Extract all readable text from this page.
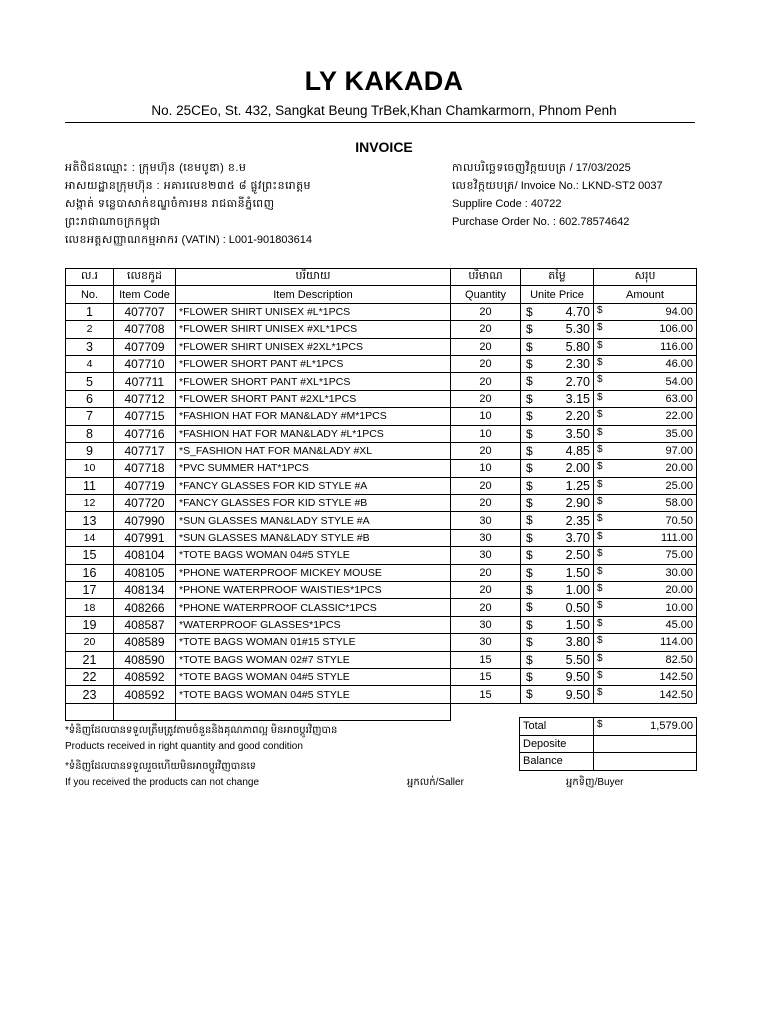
LY KAKADA
No. 25CEo, St. 432, Sangkat Beung TrBek,Khan Chamkarmorn, Phnom Penh
INVOICE
អតិថិជនឈ្មោះ : ក្រុមហ៊ុន (ខេមបូឌា) ខ.ម
អាសយដ្ឋានក្រុមហ៊ុន : អគារលេខ២៣៥ ៨ ផ្លូវព្រះនរោត្តម
សង្កាត់ ទន្លេបាសាក់ខណ្ឌចំការមន រាជធានីភ្នំពេញ
ព្រះរាជាណាចក្រកម្ពុជា
លេខអត្តសញ្ញាណកម្មអាករ (VATIN) : L001-901803614
កាលបរិច្ឆេទចេញវិក្កយបត្រ / 17/03/2025
លេខវិក្កយបត្រ/ Invoice No.: LKND-ST2 0037
Supplire Code : 40722
Purchase Order No. : 602.78574642
ល.រ	លេខកូដ	បរិយាយ	បរិមាណ	តម្លៃ	សរុប
No.	Item Code	Item Description	Quantity	Unite Price	Amount
1	407707	*FLOWER SHIRT UNISEX #L*1PCS	20	$ 4.70	$ 94.00

2	407708	*FLOWER SHIRT UNISEX #XL*1PCS	20	$ 5.30	$ 106.00

3	407709	*FLOWER SHIRT UNISEX #2XL*1PCS	20	$ 5.80	$ 116.00

4	407710	*FLOWER SHORT PANT #L*1PCS	20	$ 2.30	$ 46.00

5	407711	*FLOWER SHORT PANT #XL*1PCS	20	$ 2.70	$ 54.00

6	407712	*FLOWER SHORT PANT #2XL*1PCS	20	$ 3.15	$ 63.00

7	407715	*FASHION HAT FOR MAN&LADY #M*1PCS	10	$ 2.20	$ 22.00

8	407716	*FASHION HAT FOR MAN&LADY #L*1PCS	10	$ 3.50	$ 35.00

9	407717	*S_FASHION HAT FOR MAN&LADY #XL	20	$ 4.85	$ 97.00

10	407718	*PVC SUMMER HAT*1PCS	10	$ 2.00	$ 20.00

11	407719	*FANCY GLASSES FOR KID STYLE #A	20	$ 1.25	$ 25.00

12	407720	*FANCY GLASSES FOR KID STYLE #B	20	$ 2.90	$ 58.00

13	407990	*SUN GLASSES MAN&LADY STYLE #A	30	$ 2.35	$ 70.50

14	407991	*SUN GLASSES MAN&LADY STYLE #B	30	$ 3.70	$ 111.00

15	408104	*TOTE BAGS WOMAN 04#5 STYLE	30	$ 2.50	$ 75.00

16	408105	*PHONE WATERPROOF MICKEY MOUSE	20	$ 1.50	$ 30.00

17	408134	*PHONE WATERPROOF WAISTIES*1PCS	20	$ 1.00	$ 20.00

18	408266	*PHONE WATERPROOF CLASSIC*1PCS	20	$ 0.50	$ 10.00

19	408587	*WATERPROOF GLASSES*1PCS	30	$ 1.50	$ 45.00

20	408589	*TOTE BAGS WOMAN 01#15 STYLE	30	$ 3.80	$ 114.00

21	408590	*TOTE BAGS WOMAN 02#7 STYLE	15	$ 5.50	$ 82.50

22	408592	*TOTE BAGS WOMAN 04#5 STYLE	15	$ 9.50	$ 142.50

23	408592	*TOTE BAGS WOMAN 04#5 STYLE	15	$ 9.50	$ 142.50

Total	$ 1,579.00

Deposite	
Balance	
*ទំនិញដែលបានទទួលត្រឹមត្រូវតាមចំនួននិងគុណភាពល្អ មិនអាចប្តូរវិញបាន
Products received in right quantity and good condition
*ទំនិញដែលបានទទួលរួចហើយមិនអាចប្តូរវិញបានទេ
If you received the products can not change	អ្នកលក់/Saller	អ្នកទិញ/Buyer
